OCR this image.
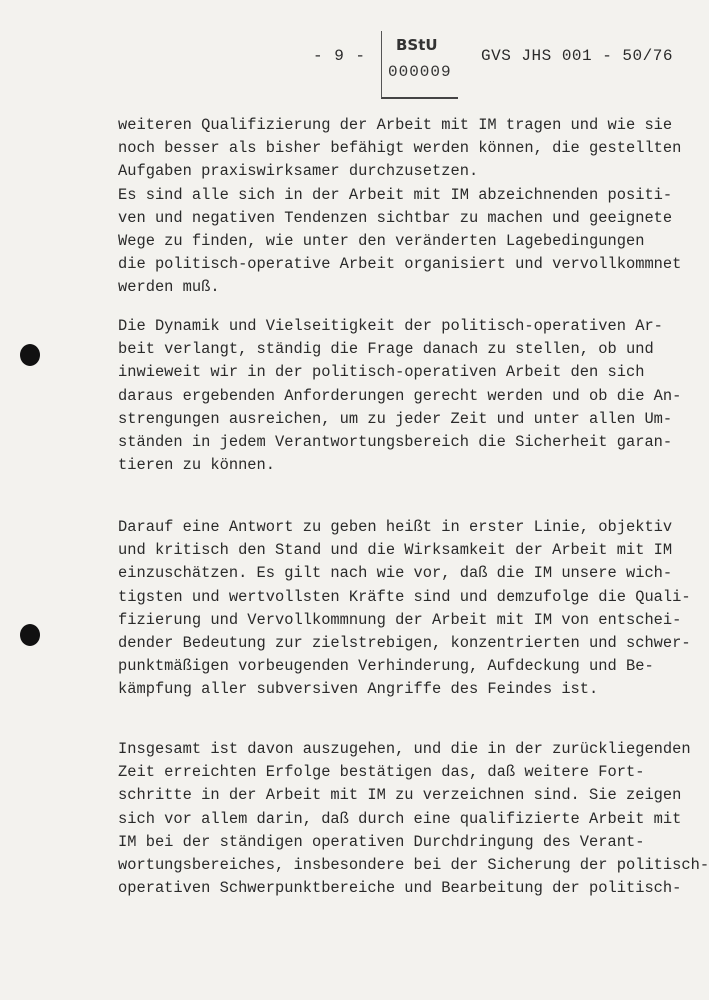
- 9 -
BStU
000009
GVS JHS 001 - 50/76
weiteren Qualifizierung der Arbeit mit IM tragen und wie sie
noch besser als bisher befähigt werden können, die gestellten
Aufgaben praxiswirksamer durchzusetzen.
Es sind alle sich in der Arbeit mit IM abzeichnenden positi-
ven und negativen Tendenzen sichtbar zu machen und geeignete
Wege zu finden, wie unter den veränderten Lagebedingungen
die politisch-operative Arbeit organisiert und vervollkommnet
werden muß.
Die Dynamik und Vielseitigkeit der politisch-operativen Ar-
beit verlangt, ständig die Frage danach zu stellen, ob und
inwieweit wir in der politisch-operativen Arbeit den sich
daraus ergebenden Anforderungen gerecht werden und ob die An-
strengungen ausreichen, um zu jeder Zeit und unter allen Um-
ständen in jedem Verantwortungsbereich die Sicherheit garan-
tieren zu können.
Darauf eine Antwort zu geben heißt in erster Linie, objektiv
und kritisch den Stand und die Wirksamkeit der Arbeit mit IM
einzuschätzen. Es gilt nach wie vor, daß die IM unsere wich-
tigsten und wertvollsten Kräfte sind und demzufolge die Quali-
fizierung und Vervollkommnung der Arbeit mit IM von entschei-
dender Bedeutung zur zielstrebigen, konzentrierten und schwer-
punktmäßigen vorbeugenden Verhinderung, Aufdeckung und Be-
kämpfung aller subversiven Angriffe des Feindes ist.
Insgesamt ist davon auszugehen, und die in der zurückliegenden
Zeit erreichten Erfolge bestätigen das, daß weitere Fort-
schritte in der Arbeit mit IM zu verzeichnen sind. Sie zeigen
sich vor allem darin, daß durch eine qualifizierte Arbeit mit
IM bei der ständigen operativen Durchdringung des Verant-
wortungsbereiches, insbesondere bei der Sicherung der politisch-
operativen Schwerpunktbereiche und Bearbeitung der politisch-
